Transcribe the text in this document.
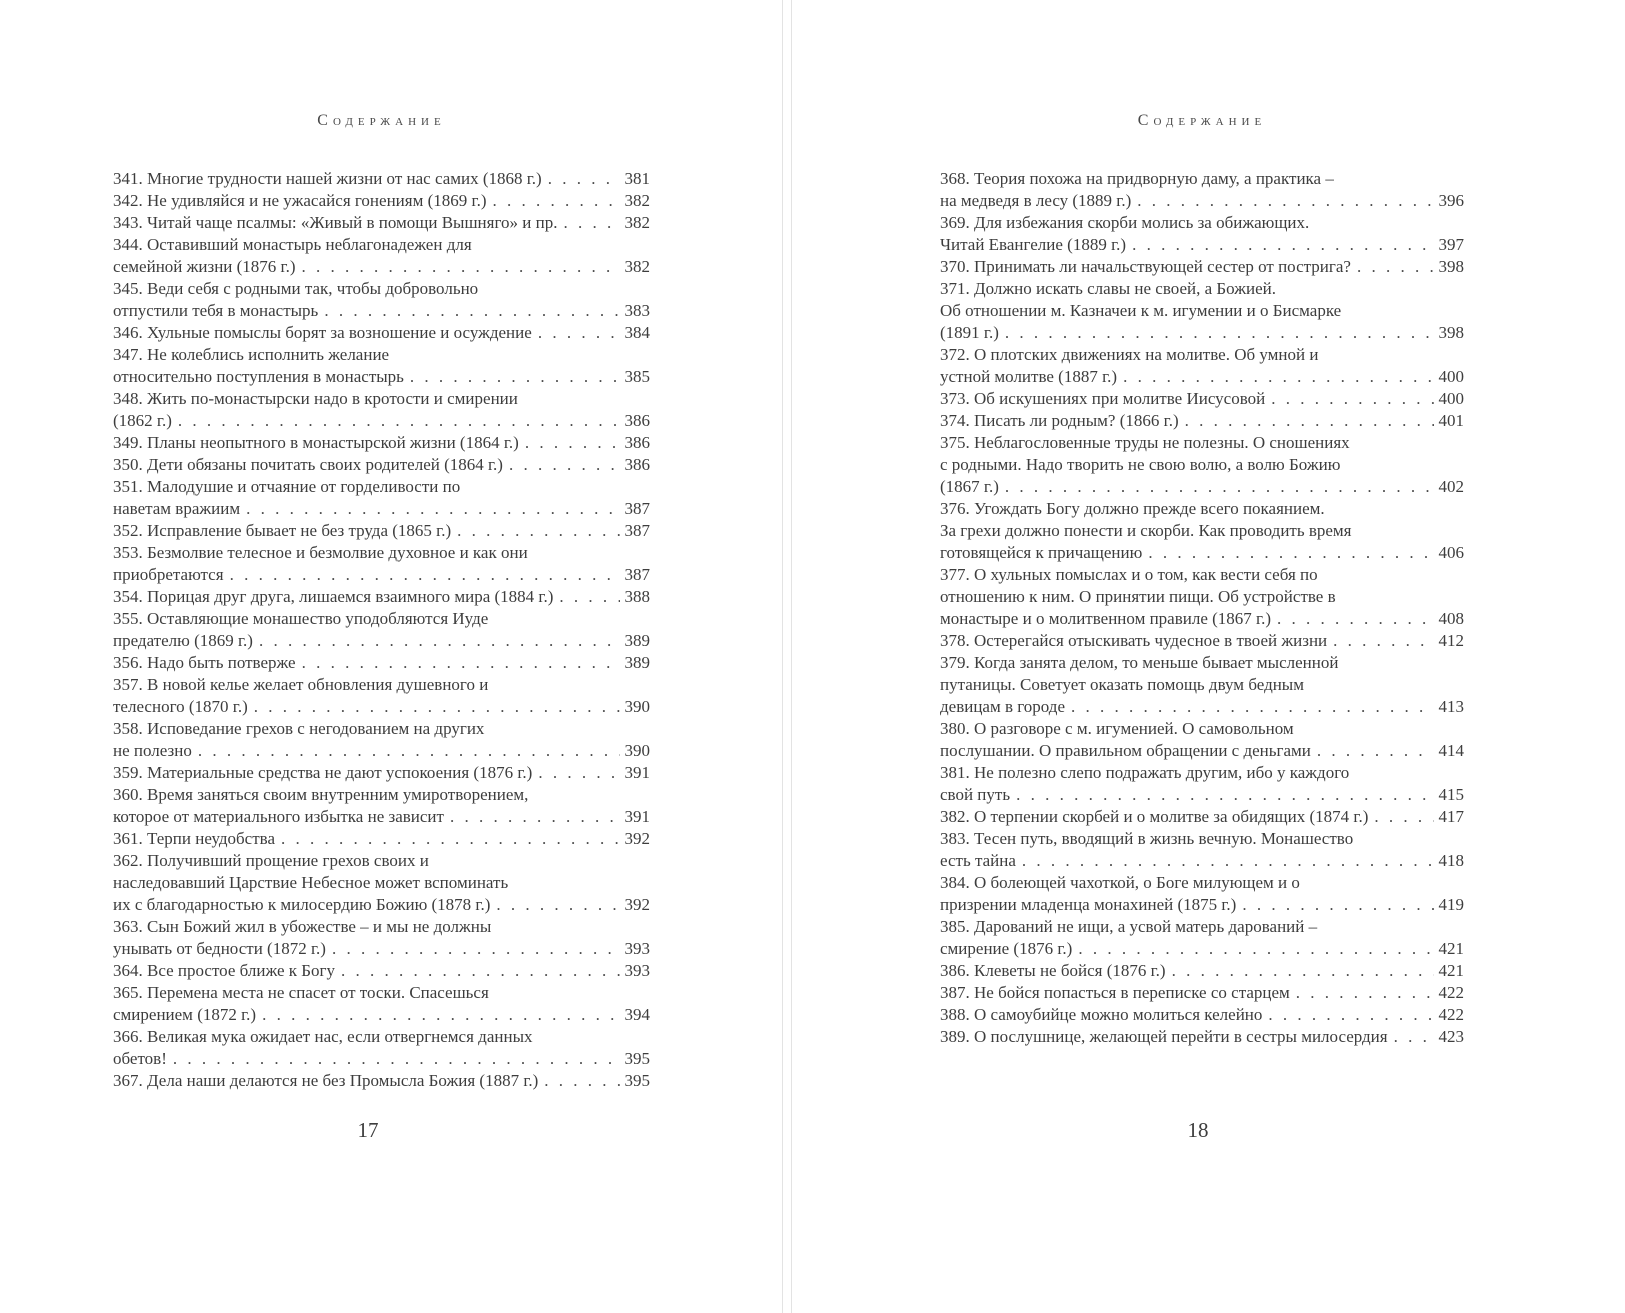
Содержание
341. Многие трудности нашей жизни от нас самих (1868 г.) . . .	381
342. Не удивляйся и не ужасайся гонениям (1869 г.) . . .	382
343. Читай чаще псалмы: «Живый в помощи Вышняго» и пр. . . .	382
344. Оставивший монастырь неблагонадежен для
семейной жизни (1876 г.) . . .	382
345. Веди себя с родными так, чтобы добровольно
отпустили тебя в монастырь . . .	383
346. Хульные помыслы борят за возношение и осуждение . . .	384
347. Не колеблись исполнить желание
относительно поступления в монастырь . . .	385
348. Жить по-монастырски надо в кротости и смирении
(1862 г.) . . .	386
349. Планы неопытного в монастырской жизни (1864 г.) . . .	386
350. Дети обязаны почитать своих родителей (1864 г.) . . .	386
351. Малодушие и отчаяние от горделивости по
наветам вражиим . . .	387
352. Исправление бывает не без труда (1865 г.) . . .	387
353. Безмолвие телесное и безмолвие духовное и как они
приобретаются . . .	387
354. Порицая друг друга, лишаемся взаимного мира (1884 г.) . . .	388
355. Оставляющие монашество уподобляются Иуде
предателю (1869 г.) . . .	389
356. Надо быть потверже . . .	389
357. В новой келье желает обновления душевного и
телесного (1870 г.) . . .	390
358. Исповедание грехов с негодованием на других
не полезно . . .	390
359. Материальные средства не дают успокоения (1876 г.) . . .	391
360. Время заняться своим внутренним умиротворением,
которое от материального избытка не зависит . . .	391
361. Терпи неудобства . . .	392
362. Получивший прощение грехов своих и
наследовавший Царствие Небесное может вспоминать
их с благодарностью к милосердию Божию (1878 г.) . . .	392
363. Сын Божий жил в убожестве – и мы не должны
унывать от бедности (1872 г.) . . .	393
364. Все простое ближе к Богу . . .	393
365. Перемена места не спасет от тоски. Спасешься
смирением (1872 г.) . . .	394
366. Великая мука ожидает нас, если отвергнемся данных
обетов! . . .	395
367. Дела наши делаются не без Промысла Божия (1887 г.) . . .	395
Содержание
368. Теория похожа на придворную даму, а практика –
на медведя в лесу (1889 г.) . . .	396
369. Для избежания скорби молись за обижающих.
Читай Евангелие (1889 г.) . . .	397
370. Принимать ли начальствующей сестер от пострига? . . .	398
371. Должно искать славы не своей, а Божией.
Об отношении м. Казначеи к м. игумении и о Бисмарке
(1891 г.) . . .	398
372. О плотских движениях на молитве. Об умной и
устной молитве (1887 г.) . . .	400
373. Об искушениях при молитве Иисусовой . . .	400
374. Писать ли родным? (1866 г.) . . .	401
375. Неблагословенные труды не полезны. О сношениях
с родными. Надо творить не свою волю, а волю Божию
(1867 г.) . . .	402
376. Угождать Богу должно прежде всего покаянием.
За грехи должно понести и скорби. Как проводить время
готовящейся к причащению . . .	406
377. О хульных помыслах и о том, как вести себя по
отношению к ним. О принятии пищи. Об устройстве в
монастыре и о молитвенном правиле (1867 г.) . . .	408
378. Остерегайся отыскивать чудесное в твоей жизни . . .	412
379. Когда занята делом, то меньше бывает мысленной
путаницы. Советует оказать помощь двум бедным
девицам в городе . . .	413
380. О разговоре с м. игуменией. О самовольном
послушании. О правильном обращении с деньгами . . .	414
381. Не полезно слепо подражать другим, ибо у каждого
свой путь . . .	415
382. О терпении скорбей и о молитве за обидящих (1874 г.) . . .	417
383. Тесен путь, вводящий в жизнь вечную. Монашество
есть тайна . . .	418
384. О болеющей чахоткой, о Боге милующем и о
призрении младенца монахиней (1875 г.) . . .	419
385. Дарований не ищи, а усвой матерь дарований –
смирение (1876 г.) . . .	421
386. Клеветы не бойся (1876 г.) . . .	421
387. Не бойся попасться в переписке со старцем . . .	422
388. О самоубийце можно молиться келейно . . .	422
389. О послушнице, желающей перейти в сестры милосердия . . .	423
17	18
